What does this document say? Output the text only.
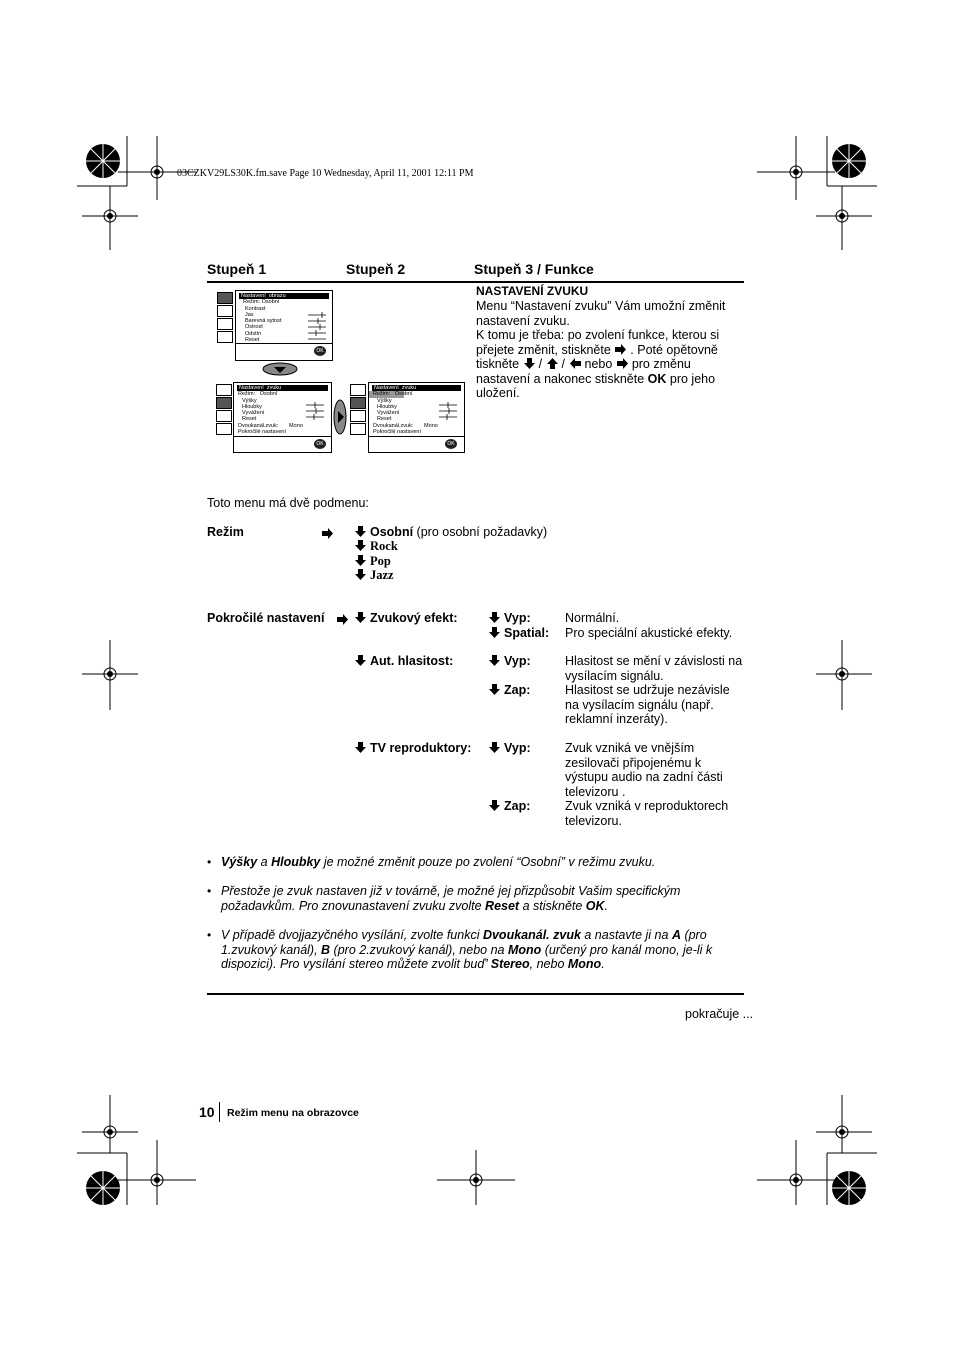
03CZKV29LS30K.fm.save Page 10 Wednesday, April 11, 2001 12:11 PM
Stupeň 1	Stupeň 2	Stupeň 3 / Funkce
Nastavení  obrazu
Režim: Osobní
Kontrast
Jas
Barevná sytost
Ostrost
Odstín
Reset
OK
Nastavení  zvuku
Režim:   Osobní
Výšky
Hloubky
Vyvážení
Reset
Dvoukanál.zvuk:       Mono
Pokročilé nastavení
OK
Nastavení  zvuku
Režim:   Osobní
Výšky
Hloubky
Vyvážení
Reset
Dvoukanál.zvuk:       Mono
Pokročilé nastavení
OK
NASTAVENÍ ZVUKU
Menu “Nastavení zvuku” Vám umožní změnit nastavení zvuku.
K tomu je třeba: po zvolení funkce, kterou si přejete změnit, stiskněte . Poté opětovně tiskněte / / nebo pro změnu nastavení a nakonec stiskněte OK pro jeho uložení.
Toto menu má dvě podmenu:
Režim	Osobní (pro osobní požadavky)
Rock
Pop
Jazz
Pokročilé nastavení	Zvukový efekt:	Vyp:	Normální.
Spatial: Pro speciální akustické efekty.
Aut. hlasitost:	Vyp:	Hlasitost se mění v závislosti na vysílacím signálu.
Zap:	Hlasitost se udržuje nezávisle na vysílacím signálu (např. reklamní inzeráty).
TV reproduktory:	Vyp:	Zvuk vzniká ve vnějším zesilovači připojenému k výstupu audio na zadní části televizoru .
Zap:	Zvuk vzniká v reproduktorech televizoru.
• Výšky a Hloubky je možné změnit pouze po zvolení “Osobní” v režimu zvuku.
• Přestože je zvuk nastaven již v továrně, je možné jej přizpůsobit Vašim specifickým požadavkům. Pro znovunastavení zvuku zvolte Reset a stiskněte OK.
• V případě dvojjazyčného vysílání, zvolte funkci Dvoukanál. zvuk a nastavte ji na A (pro 1.zvukový kanál), B (pro 2.zvukový kanál), nebo na Mono (určený pro kanál mono, je-li k dispozici). Pro vysílání stereo můžete zvolit buď’ Stereo, nebo Mono.
pokračuje ...
10 Režim menu na obrazovce
